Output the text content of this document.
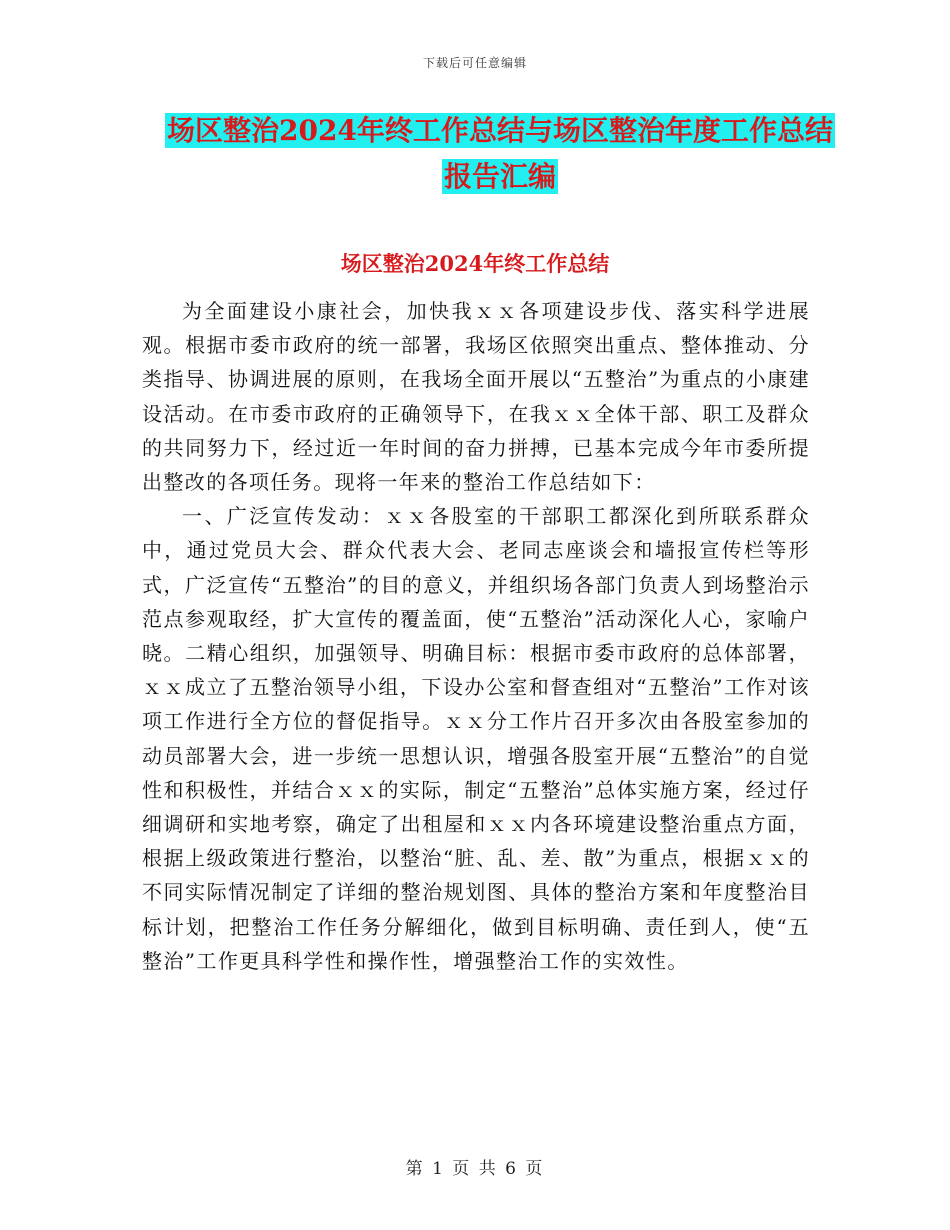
下载后可任意编辑
场区整治2024年终工作总结与场区整治年度工作总结
报告汇编
场区整治2024年终工作总结

为全面建设小康社会，加快我ｘｘ各项建设步伐、落实科学进展观。根据市委市政府的统一部署，我场区依照突出重点、整体推动、分类指导、协调进展的原则，在我场全面开展以“五整治”为重点的小康建设活动。在市委市政府的正确领导下，在我ｘｘ全体干部、职工及群众的共同努力下，经过近一年时间的奋力拼搏，已基本完成今年市委所提出整改的各项任务。现将一年来的整治工作总结如下：

一、广泛宣传发动：ｘｘ各股室的干部职工都深化到所联系群众中，通过党员大会、群众代表大会、老同志座谈会和墙报宣传栏等形式，广泛宣传“五整治”的目的意义，并组织场各部门负责人到场整治示范点参观取经，扩大宣传的覆盖面，使“五整治”活动深化人心，家喻户晓。二精心组织，加强领导、明确目标：根据市委市政府的总体部署，ｘｘ成立了五整治领导小组，下设办公室和督查组对“五整治”工作对该项工作进行全方位的督促指导。ｘｘ分工作片召开多次由各股室参加的动员部署大会，进一步统一思想认识，增强各股室开展“五整治”的自觉性和积极性，并结合ｘｘ的实际，制定“五整治”总体实施方案，经过仔细调研和实地考察，确定了出租屋和ｘｘ内各环境建设整治重点方面，根据上级政策进行整治，以整治“脏、乱、差、散”为重点，根据ｘｘ的不同实际情况制定了详细的整治规划图、具体的整治方案和年度整治目标计划，把整治工作任务分解细化，做到目标明确、责任到人，使“五整治”工作更具科学性和操作性，增强整治工作的实效性。

第 1 页 共 6 页
